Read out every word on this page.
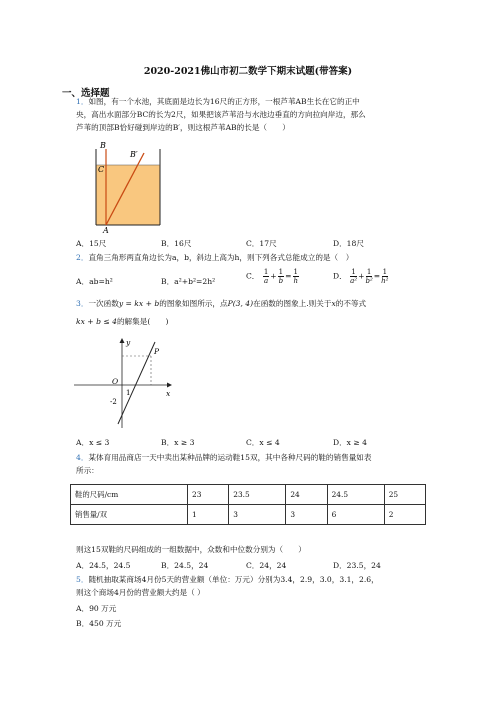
2020-2021佛山市初二数学下期末试题(带答案)
一、选择题
1．如图，有一个水池，其底面是边长为16尺的正方形，一根芦苇AB生长在它的正中
央，高出水面部分BC的长为2尺，如果把该芦苇沿与水池边垂直的方向拉向岸边，那么
芦苇的顶部B恰好碰到岸边的B′，则这根芦苇AB的长是（　　）
B
B′
C
A
A．15尺	B．16尺	C．17尺	D．18尺
2．直角三角形两直角边长为a，b，斜边上高为h，则下列各式总能成立的是（　）
A．ab=h²	B．a²+b²=2h²
C． $\frac{1}{a} + \frac{1}{b} = \frac{1}{h}$	D． $\frac{1}{\text{a²}} + \frac{1}{\text{b²}} = \frac{1}{\text{h²}}$
3．一次函数y = kx + b的图象如图所示，点P(3, 4)在函数的图象上.则关于x的不等式
kx + b ≤ 4的解集是(　　)
y
x
P
O
1
-2
A．x ≤ 3	B．x ≥ 3	C．x ≤ 4	D．x ≥ 4
4．某体育用品商店一天中卖出某种品牌的运动鞋15双，其中各种尺码的鞋的销售量如表
所示：
鞋的尺码/cm	23	23.5	24	24.5	25
销售量/双	1	3	3	6	2
则这15双鞋的尺码组成的一组数据中，众数和中位数分别为（　　）
A．24.5，24.5	B．24.5，24	C．24，24	D．23.5，24
5．随机抽取某商场4月份5天的营业额（单位：万元）分别为3.4，2.9，3.0，3.1，2.6，
则这个商场4月份的营业额大约是（ ）
A．90 万元
B．450 万元
